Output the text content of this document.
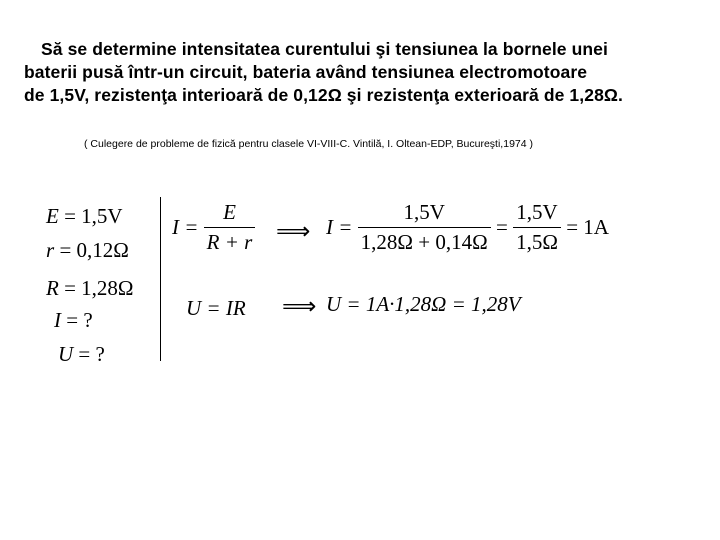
Să se determine intensitatea curentului şi tensiunea la bornele unei
baterii pusă într-un circuit, bateria având tensiunea electromotoare
de 1,5V, rezistenţa interioară de 0,12Ω şi rezistenţa exterioară de 1,28Ω.
( Culegere de probleme de fizică pentru clasele VI-VIII-C. Vintilă, I. Oltean-EDP, Bucureşti,1974 )
E = 1,5V
r = 0,12Ω
R = 1,28Ω
I = ?
U = ?
$I = \frac{E}{R + r}$ ⟹ $I = \frac{1,5V}{1,28\Omega + 0,14\Omega} = \frac{1,5V}{1,5\Omega} = 1A$
U = IR ⟹ U = 1A·1,28Ω = 1,28V
